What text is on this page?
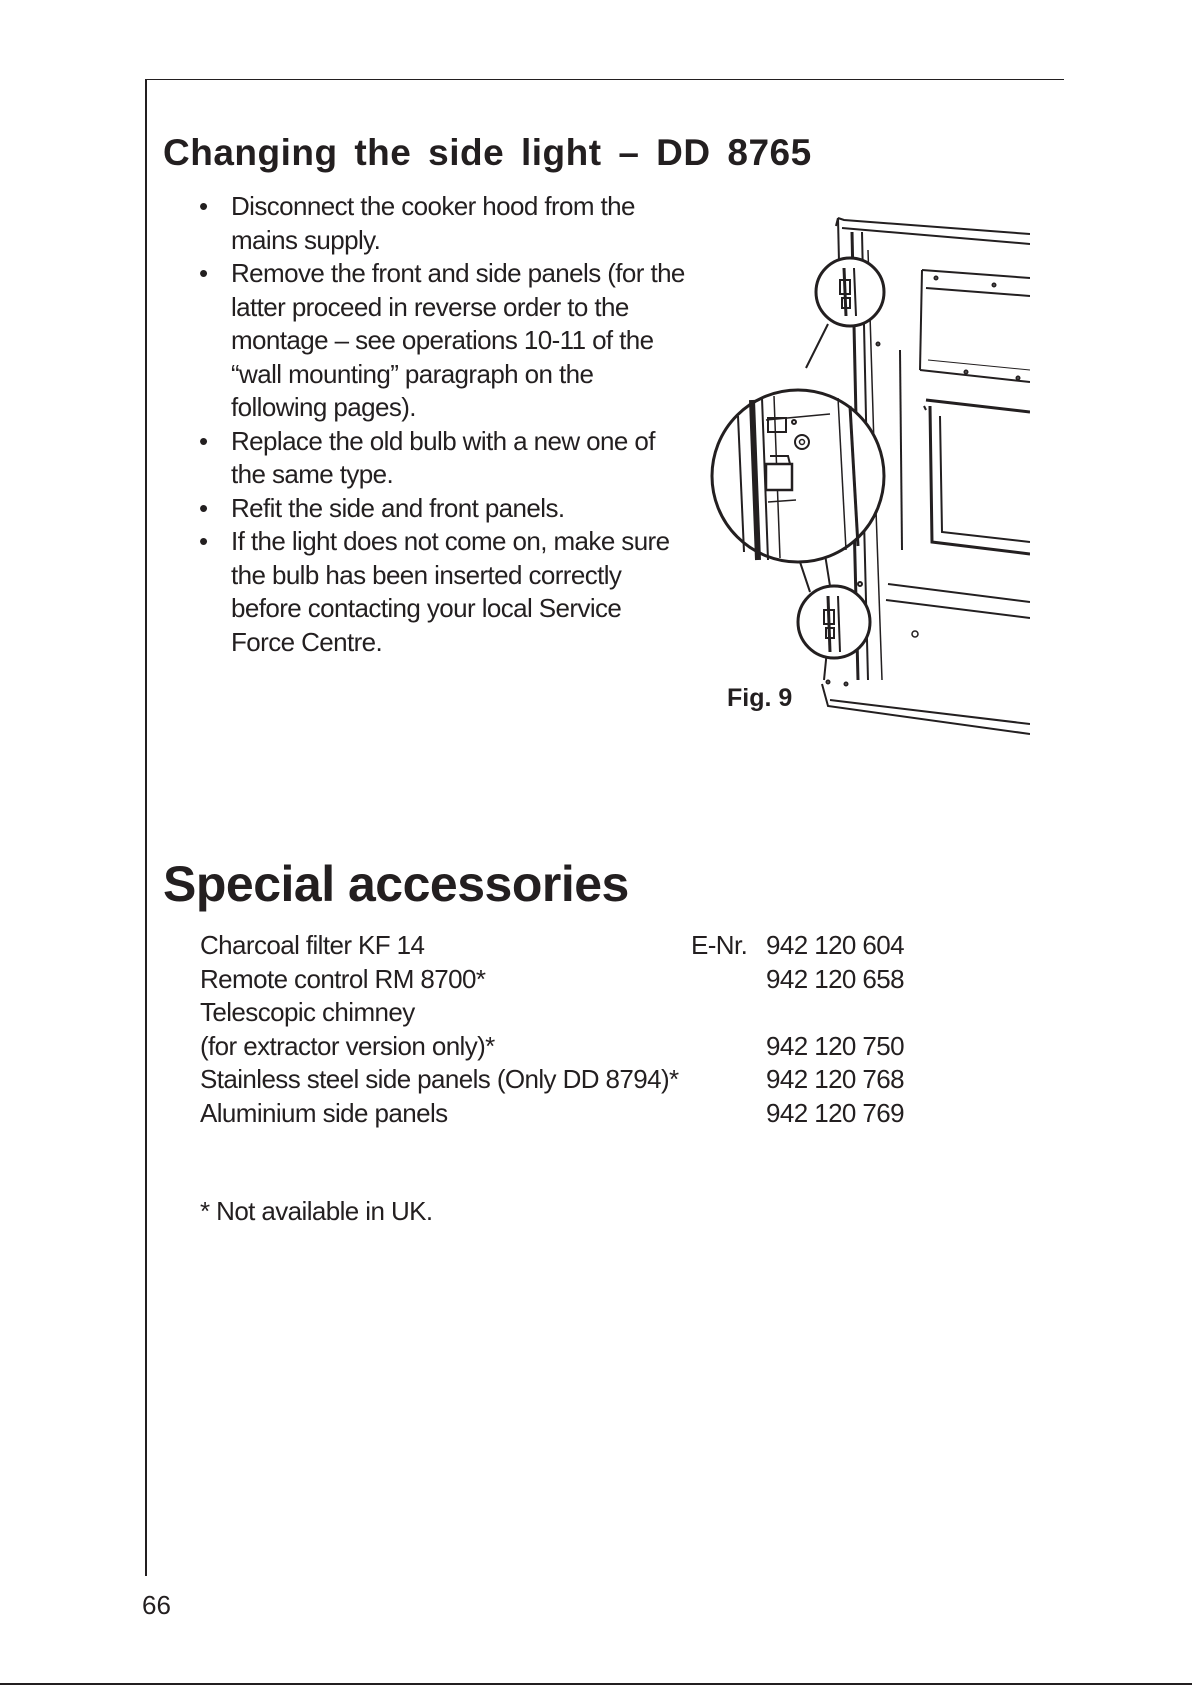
Changing the side light – DD 8765
• Disconnect the cooker hood from the mains supply.
• Remove the front and side panels (for the latter proceed in reverse order to the montage – see operations 10-11 of the “wall mounting” paragraph on the following pages).
• Replace the old bulb with a new one of the same type.
• Refit the side and front panels.
• If the light does not come on, make sure the bulb has been inserted correctly before contacting your local Service Force Centre.

Fig. 9

Special accessories
Charcoal filter KF 14	E-Nr. 942 120 604
Remote control RM 8700*	942 120 658
Telescopic chimney
(for extractor version only)*	942 120 750
Stainless steel side panels (Only DD 8794)*	942 120 768
Aluminium side panels	942 120 769

* Not available in UK.

66
